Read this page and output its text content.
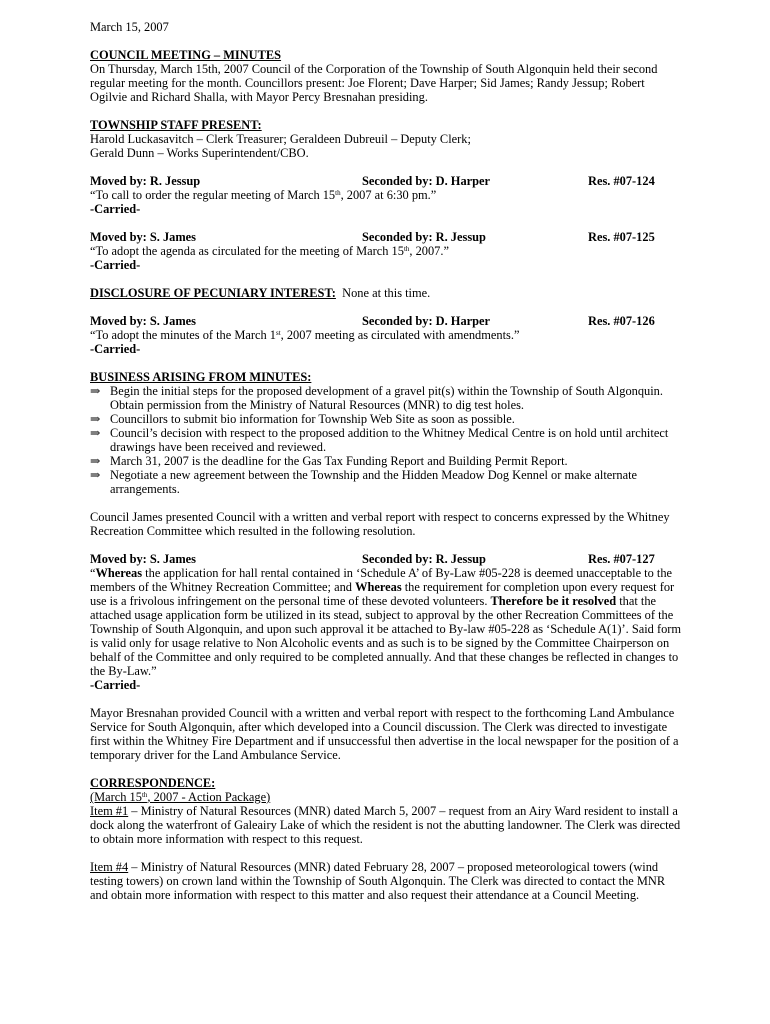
March 15, 2007

COUNCIL MEETING – MINUTES

On Thursday, March 15th, 2007 Council of the Corporation of the Township of South Algonquin held their second regular meeting for the month. Councillors present: Joe Florent; Dave Harper; Sid James; Randy Jessup; Robert Ogilvie and Richard Shalla, with Mayor Percy Bresnahan presiding.

TOWNSHIP STAFF PRESENT:

Harold Luckasavitch – Clerk Treasurer; Geraldeen Dubreuil – Deputy Clerk;

Gerald Dunn – Works Superintendent/CBO.

Moved by: R. Jessup	Seconded by: D. Harper	Res. #07-124

“To call to order the regular meeting of March 15th, 2007 at 6:30 pm.”

-Carried-

Moved by: S. James	Seconded by: R. Jessup	Res. #07-125

“To adopt the agenda as circulated for the meeting of March 15th, 2007.”

-Carried-

DISCLOSURE OF PECUNIARY INTEREST: None at this time.

Moved by: S. James	Seconded by: D. Harper	Res. #07-126

“To adopt the minutes of the March 1st, 2007 meeting as circulated with amendments.”

-Carried-

BUSINESS ARISING FROM MINUTES:

⇒ Begin the initial steps for the proposed development of a gravel pit(s) within the Township of South Algonquin. Obtain permission from the Ministry of Natural Resources (MNR) to dig test holes.
⇒ Councillors to submit bio information for Township Web Site as soon as possible.
⇒ Council’s decision with respect to the proposed addition to the Whitney Medical Centre is on hold until architect drawings have been received and reviewed.
⇒ March 31, 2007 is the deadline for the Gas Tax Funding Report and Building Permit Report.
⇒ Negotiate a new agreement between the Township and the Hidden Meadow Dog Kennel or make alternate arrangements.

Council James presented Council with a written and verbal report with respect to concerns expressed by the Whitney Recreation Committee which resulted in the following resolution.

Moved by: S. James	Seconded by: R. Jessup	Res. #07-127

“Whereas the application for hall rental contained in ‘Schedule A’ of By-Law #05-228 is deemed unacceptable to the members of the Whitney Recreation Committee; and Whereas the requirement for completion upon every request for use is a frivolous infringement on the personal time of these devoted volunteers. Therefore be it resolved that the attached usage application form be utilized in its stead, subject to approval by the other Recreation Committees of the Township of South Algonquin, and upon such approval it be attached to By-law #05-228 as ‘Schedule A(1)’. Said form is valid only for usage relative to Non Alcoholic events and as such is to be signed by the Committee Chairperson on behalf of the Committee and only required to be completed annually. And that these changes be reflected in changes to the By-Law.”

-Carried-

Mayor Bresnahan provided Council with a written and verbal report with respect to the forthcoming Land Ambulance Service for South Algonquin, after which developed into a Council discussion. The Clerk was directed to investigate first within the Whitney Fire Department and if unsuccessful then advertise in the local newspaper for the position of a temporary driver for the Land Ambulance Service.

CORRESPONDENCE:

(March 15th, 2007 - Action Package)

Item #1 – Ministry of Natural Resources (MNR) dated March 5, 2007 – request from an Airy Ward resident to install a dock along the waterfront of Galeairy Lake of which the resident is not the abutting landowner. The Clerk was directed to obtain more information with respect to this request.

Item #4 – Ministry of Natural Resources (MNR) dated February 28, 2007 – proposed meteorological towers (wind testing towers) on crown land within the Township of South Algonquin. The Clerk was directed to contact the MNR and obtain more information with respect to this matter and also request their attendance at a Council Meeting.
